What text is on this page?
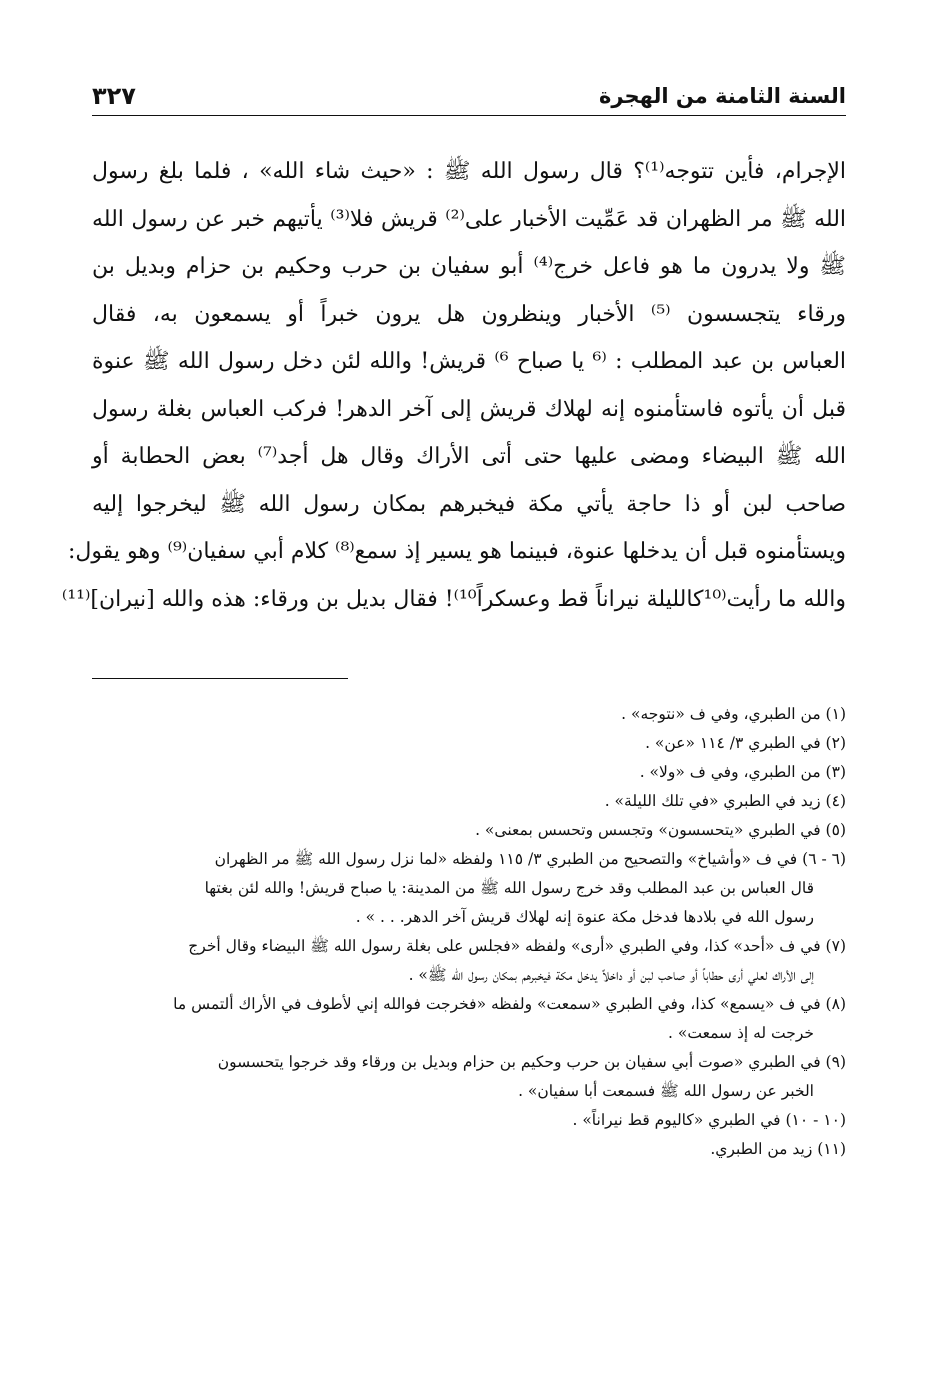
السنة الثامنة من الهجرة
٣٢٧
الإجرام، فأين تتوجه⁽¹⁾؟ قال رسول الله ﷺ : «حيث شاء الله» ، فلما بلغ رسول
الله ﷺ مر الظهران قد عَمِّيت الأخبار على⁽²⁾ قريش فلا⁽³⁾ يأتيهم خبر عن رسول الله
ﷺ ولا يدرون ما هو فاعل خرج⁽⁴⁾ أبو سفيان بن حرب وحكيم بن حزام وبديل بن
ورقاء يتجسسون ⁽⁵⁾ الأخبار وينظرون هل يرون خبراً أو يسمعون به، فقال
العباس بن عبد المطلب : ⁽⁶ يا صباح ⁶⁾ قريش! والله لئن دخل رسول الله ﷺ عنوة
قبل أن يأتوه فاستأمنوه إنه لهلاك قريش إلى آخر الدهر! فركب العباس بغلة رسول
الله ﷺ البيضاء ومضى عليها حتى أتى الأراك وقال هل أجد⁽⁷⁾ بعض الحطابة أو
صاحب لبن أو ذا حاجة يأتي مكة فيخبرهم بمكان رسول الله ﷺ ليخرجوا إليه
ويستأمنوه قبل أن يدخلها عنوة، فبينما هو يسير إذ سمع⁽⁸⁾ كلام أبي سفيان⁽⁹⁾ وهو يقول:
والله ما رأيت⁽¹⁰كالليلة نيراناً قط وعسكراً¹⁰⁾! فقال بديل بن ورقاء: هذه والله [نيران]⁽¹¹⁾
(١) من الطبري، وفي ف «نتوجه» .
(٢) في الطبري ٣/ ١١٤ «عن» .
(٣) من الطبري، وفي ف «ولا» .
(٤) زيد في الطبري «في تلك الليلة» .
(٥) في الطبري «يتحسسون» وتجسس وتحسس بمعنى» .
(٦ - ٦) في ف «وأشياخ» والتصحيح من الطبري ٣/ ١١٥ ولفظه «لما نزل رسول الله ﷺ مر الظهران
قال العباس بن عبد المطلب وقد خرج رسول الله ﷺ من المدينة: يا صباح قريش! والله لئن بغتها
رسول الله في بلادها فدخل مكة عنوة إنه لهلاك قريش آخر الدهر. . . » .
(٧) في ف «أحد» كذا، وفي الطبري «أرى» ولفظه «فجلس على بغلة رسول الله ﷺ البيضاء وقال أخرج
إلى الأراك لعلي أرى حطاباً أو صاحب لبن أو داخلاً يدخل مكة فيخبرهم بمكان رسول الله ﷺ» .
(٨) في ف «يسمع» كذا، وفي الطبري «سمعت» ولفظه «فخرجت فوالله إني لأطوف في الأراك ألتمس ما
خرجت له إذ سمعت» .
(٩) في الطبري «صوت أبي سفيان بن حرب وحكيم بن حزام وبديل بن ورقاء وقد خرجوا يتحسسون
الخبر عن رسول الله ﷺ فسمعت أبا سفيان» .
(١٠ - ١٠) في الطبري «كاليوم قط نيراناً» .
(١١) زيد من الطبري.
